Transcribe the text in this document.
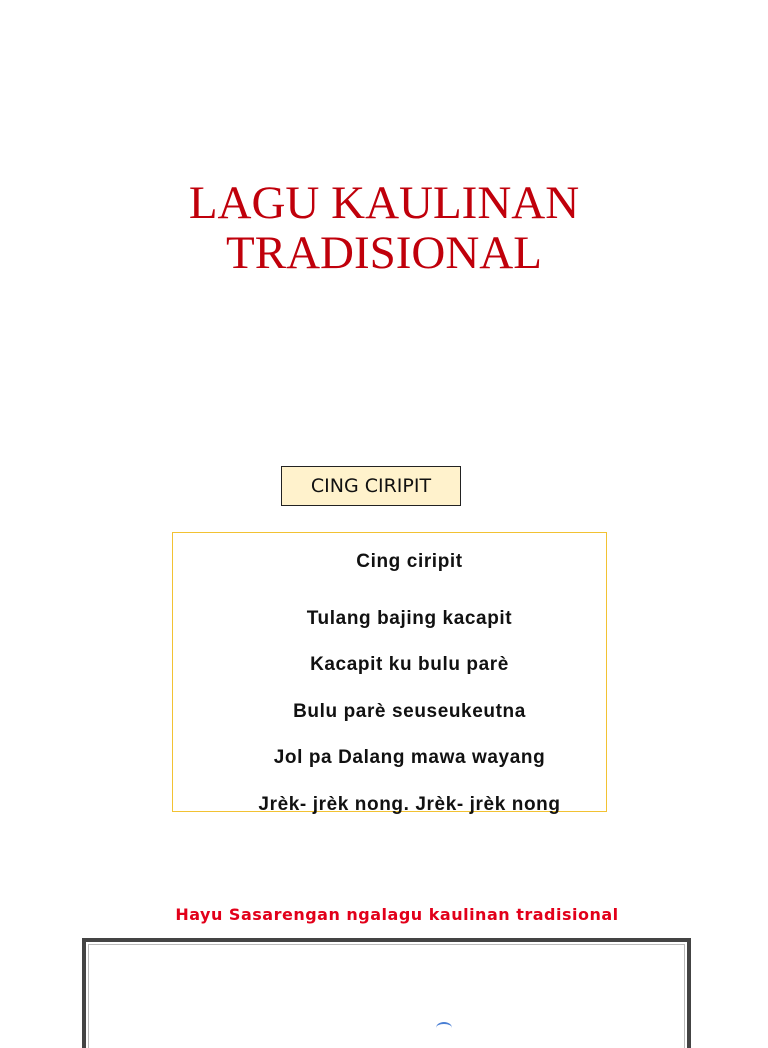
LAGU KAULINAN
TRADISIONAL
CING CIRIPIT
Cing ciripit
Tulang bajing kacapit
Kacapit ku bulu parè
Bulu parè seuseukeutna
Jol pa Dalang mawa wayang
Jrèk- jrèk nong. Jrèk- jrèk nong
Hayu Sasarengan ngalagu kaulinan tradisional
